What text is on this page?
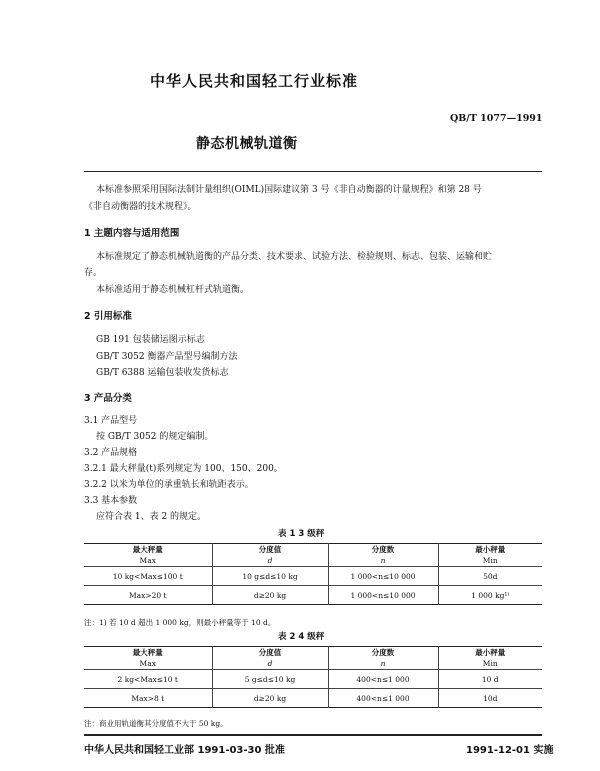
中华人民共和国轻工行业标准
QB/T 1077—1991
静态机械轨道衡
本标准参照采用国际法制计量组织(OIML)国际建议第 3 号《非自动衡器的计量规程》和第 28 号
《非自动衡器的技术规程》。
1 主题内容与适用范围
本标准规定了静态机械轨道衡的产品分类、技术要求、试验方法、检验规则、标志、包装、运输和贮
存。
本标准适用于静态机械杠杆式轨道衡。
2 引用标准
GB 191 包装储运图示标志
GB/T 3052 衡器产品型号编制方法
GB/T 6388 运输包装收发货标志
3 产品分类
3.1 产品型号
按 GB/T 3052 的规定编制。
3.2 产品规格
3.2.1 最大秤量(t)系列规定为 100、150、200。
3.2.2 以米为单位的承重轨长和轨距表示。
3.3 基本参数
应符合表 1、表 2 的规定。
表 1 3 级秤
最大秤量	分度值	分度数	最小秤量
Max	d	n	Min
10 kg<Max≤100 t	10 g≤d≤10 kg	1 000<n≤10 000	50d
Max>20 t	d≥20 kg	1 000<n≤10 000	1 000 kg¹⁾
注：1) 若 10 d 超出 1 000 kg，则最小秤量等于 10 d。
表 2 4 级秤
最大秤量	分度值	分度数	最小秤量
Max	d	n	Min
2 kg<Max≤10 t	5 g≤d≤10 kg	400<n≤1 000	10 d
Max>8 t	d≥20 kg	400<n≤1 000	10d
注：商业用轨道衡其分度值不大于 50 kg。
中华人民共和国轻工业部 1991-03-30 批准	1991-12-01 实施
